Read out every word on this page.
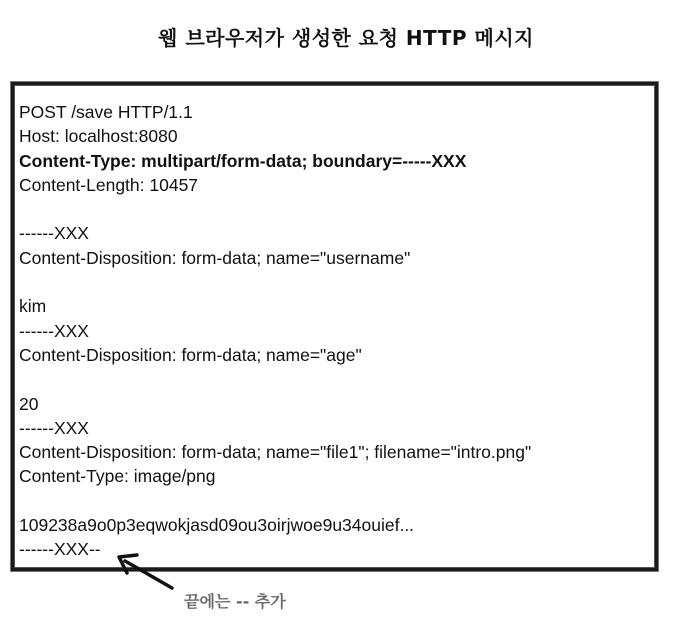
웹 브라우저가 생성한 요청 HTTP 메시지
POST /save HTTP/1.1
Host: localhost:8080
Content-Type: multipart/form-data; boundary=-----XXX
Content-Length: 10457
------XXX
Content-Disposition: form-data; name="username"
kim
------XXX
Content-Disposition: form-data; name="age"
20
------XXX
Content-Disposition: form-data; name="file1"; filename="intro.png"
Content-Type: image/png
109238a9o0p3eqwokjasd09ou3oirjwoe9u34ouief...
------XXX--
끝에는 -- 추가
